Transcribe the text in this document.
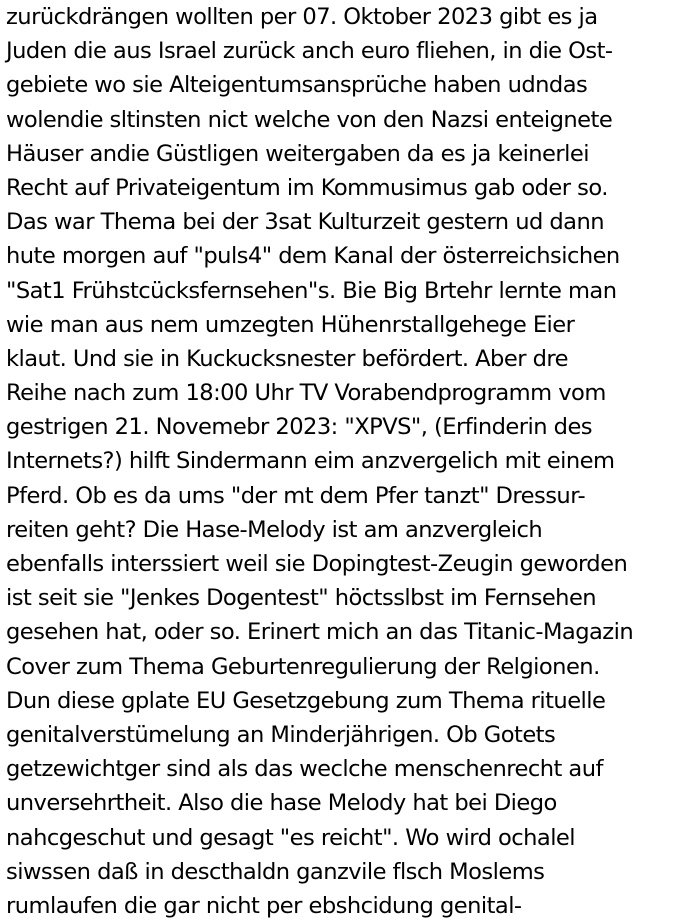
zurückdrängen wollten per 07. Oktober 2023 gibt es ja
Juden die aus Israel zurück anch euro fliehen, in die Ost-
gebiete wo sie Alteigentumsansprüche haben udndas
wolendie sltinsten nict welche von den Nazsi enteignete
Häuser andie Güstligen weitergaben da es ja keinerlei
Recht auf Privateigentum im Kommusimus gab oder so.
Das war Thema bei der 3sat Kulturzeit gestern ud dann
hute morgen auf "puls4" dem Kanal der österreichsichen
"Sat1 Frühstcücksfernsehen"s. Bie Big Brtehr lernte man
wie man aus nem umzegten Hühenrstallgehege Eier
klaut. Und sie in Kuckucksnester befördert. Aber dre
Reihe nach zum 18:00 Uhr TV Vorabendprogramm vom
gestrigen 21. Novemebr 2023: "XPVS", (Erfinderin des
Internets?) hilft Sindermann eim anzvergelich mit einem
Pferd. Ob es da ums "der mt dem Pfer tanzt" Dressur-
reiten geht? Die Hase-Melody ist am anzvergleich
ebenfalls interssiert weil sie Dopingtest-Zeugin geworden
ist seit sie "Jenkes Dogentest" höctsslbst im Fernsehen
gesehen hat, oder so. Erinert mich an das Titanic-Magazin
Cover zum Thema Geburtenregulierung der Relgionen.
Dun diese gplate EU Gesetzgebung zum Thema rituelle
genitalverstümelung an Minderjährigen. Ob Gotets
getzewichtger sind als das weclche menschenrecht auf
unversehrtheit. Also die hase Melody hat bei Diego
nahcgeschut und gesagt "es reicht". Wo wird ochalel
siwssen daß in descthaldn ganzvile flsch Moslems
rumlaufen die gar nicht per ebshcidung genital-
